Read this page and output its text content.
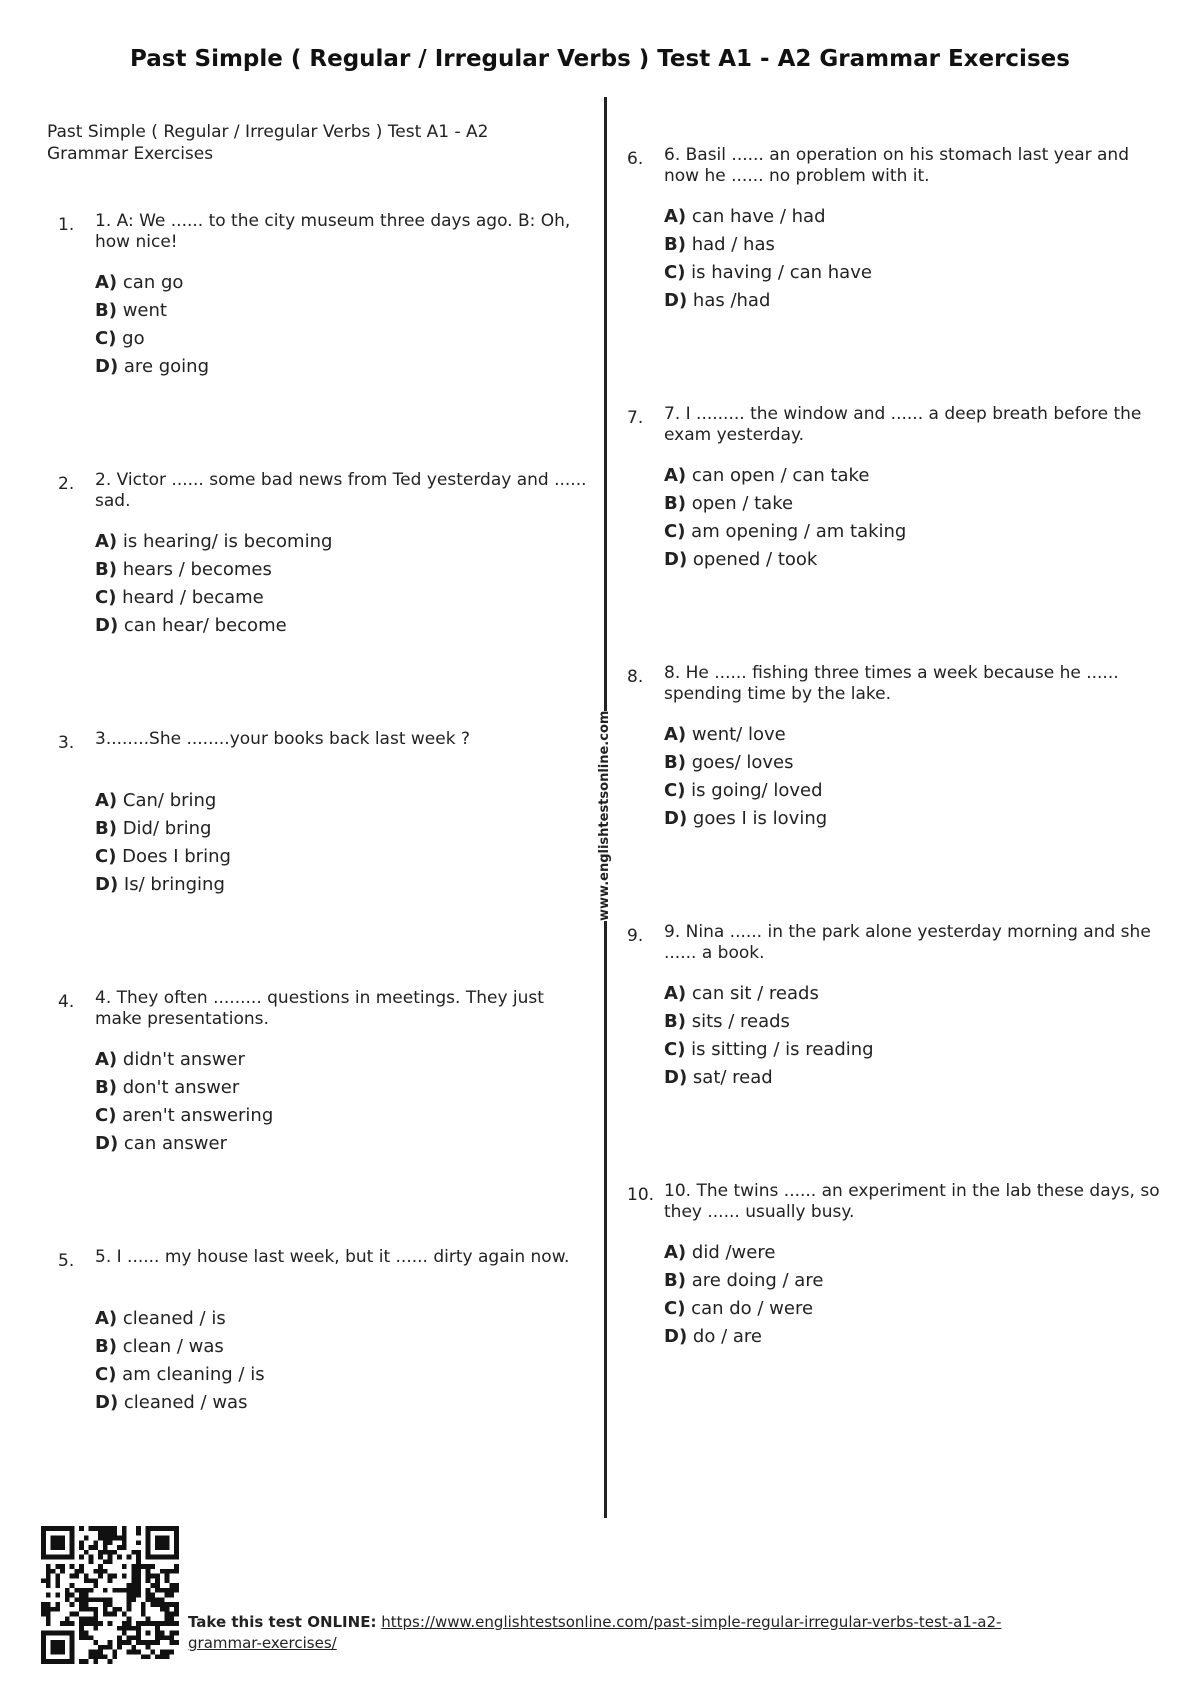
Past Simple ( Regular / Irregular Verbs ) Test A1 - A2 Grammar Exercises
Past Simple ( Regular / Irregular Verbs ) Test A1 - A2 Grammar Exercises
www.englishtestsonline.com
1.	1. A: We ...... to the city museum three days ago. B: Oh, how nice!
A) can go
B) went
C) go
D) are going
2.	2. Victor ...... some bad news from Ted yesterday and ...... sad.
A) is hearing/ is becoming
B) hears / becomes
C) heard / became
D) can hear/ become
3.	3........She ........your books back last week ?
A) Can/ bring
B) Did/ bring
C) Does I bring
D) Is/ bringing
4.	4. They often ......... questions in meetings. They just make presentations.
A) didn't answer
B) don't answer
C) aren't answering
D) can answer
5.	5. I ...... my house last week, but it ...... dirty again now.
A) cleaned / is
B) clean / was
C) am cleaning / is
D) cleaned / was
6.	6. Basil ...... an operation on his stomach last year and now he ...... no problem with it.
A) can have / had
B) had / has
C) is having / can have
D) has /had
7.	7. I ......... the window and ...... a deep breath before the exam yesterday.
A) can open / can take
B) open / take
C) am opening / am taking
D) opened / took
8.	8. He ...... fishing three times a week because he ...... spending time by the lake.
A) went/ love
B) goes/ loves
C) is going/ loved
D) goes I is loving
9.	9. Nina ...... in the park alone yesterday morning and she ...... a book.
A) can sit / reads
B) sits / reads
C) is sitting / is reading
D) sat/ read
10. 10. The twins ...... an experiment in the lab these days, so they ...... usually busy.
A) did /were
B) are doing / are
C) can do / were
D) do / are
Take this test ONLINE: https://www.englishtestsonline.com/past-simple-regular-irregular-verbs-test-a1-a2-grammar-exercises/
